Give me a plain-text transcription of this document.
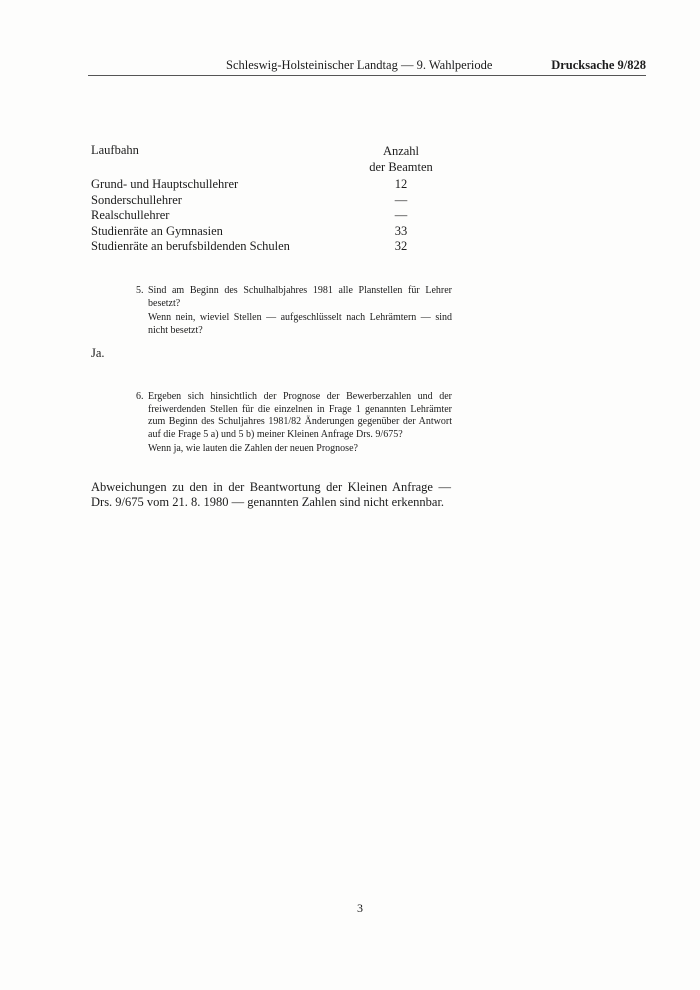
Schleswig-Holsteinischer Landtag — 9. Wahlperiode	Drucksache 9/828
Laufbahn	Anzahl
der Beamten
Grund- und Hauptschullehrer	12
Sonderschullehrer	—
Realschullehrer	—
Studienräte an Gymnasien	33
Studienräte an berufsbildenden Schulen	32
5. Sind am Beginn des Schulhalbjahres 1981 alle Planstellen für Lehrer besetzt?
Wenn nein, wieviel Stellen — aufgeschlüsselt nach Lehrämtern — sind nicht besetzt?
Ja.
6. Ergeben sich hinsichtlich der Prognose der Bewerberzahlen und der freiwerdenden Stellen für die einzelnen in Frage 1 genannten Lehrämter zum Beginn des Schuljahres 1981/82 Änderungen gegenüber der Antwort auf die Frage 5 a) und 5 b) meiner Kleinen Anfrage Drs. 9/675?
Wenn ja, wie lauten die Zahlen der neuen Prognose?
Abweichungen zu den in der Beantwortung der Kleinen Anfrage — Drs. 9/675 vom 21. 8. 1980 — genannten Zahlen sind nicht erkennbar.
3
